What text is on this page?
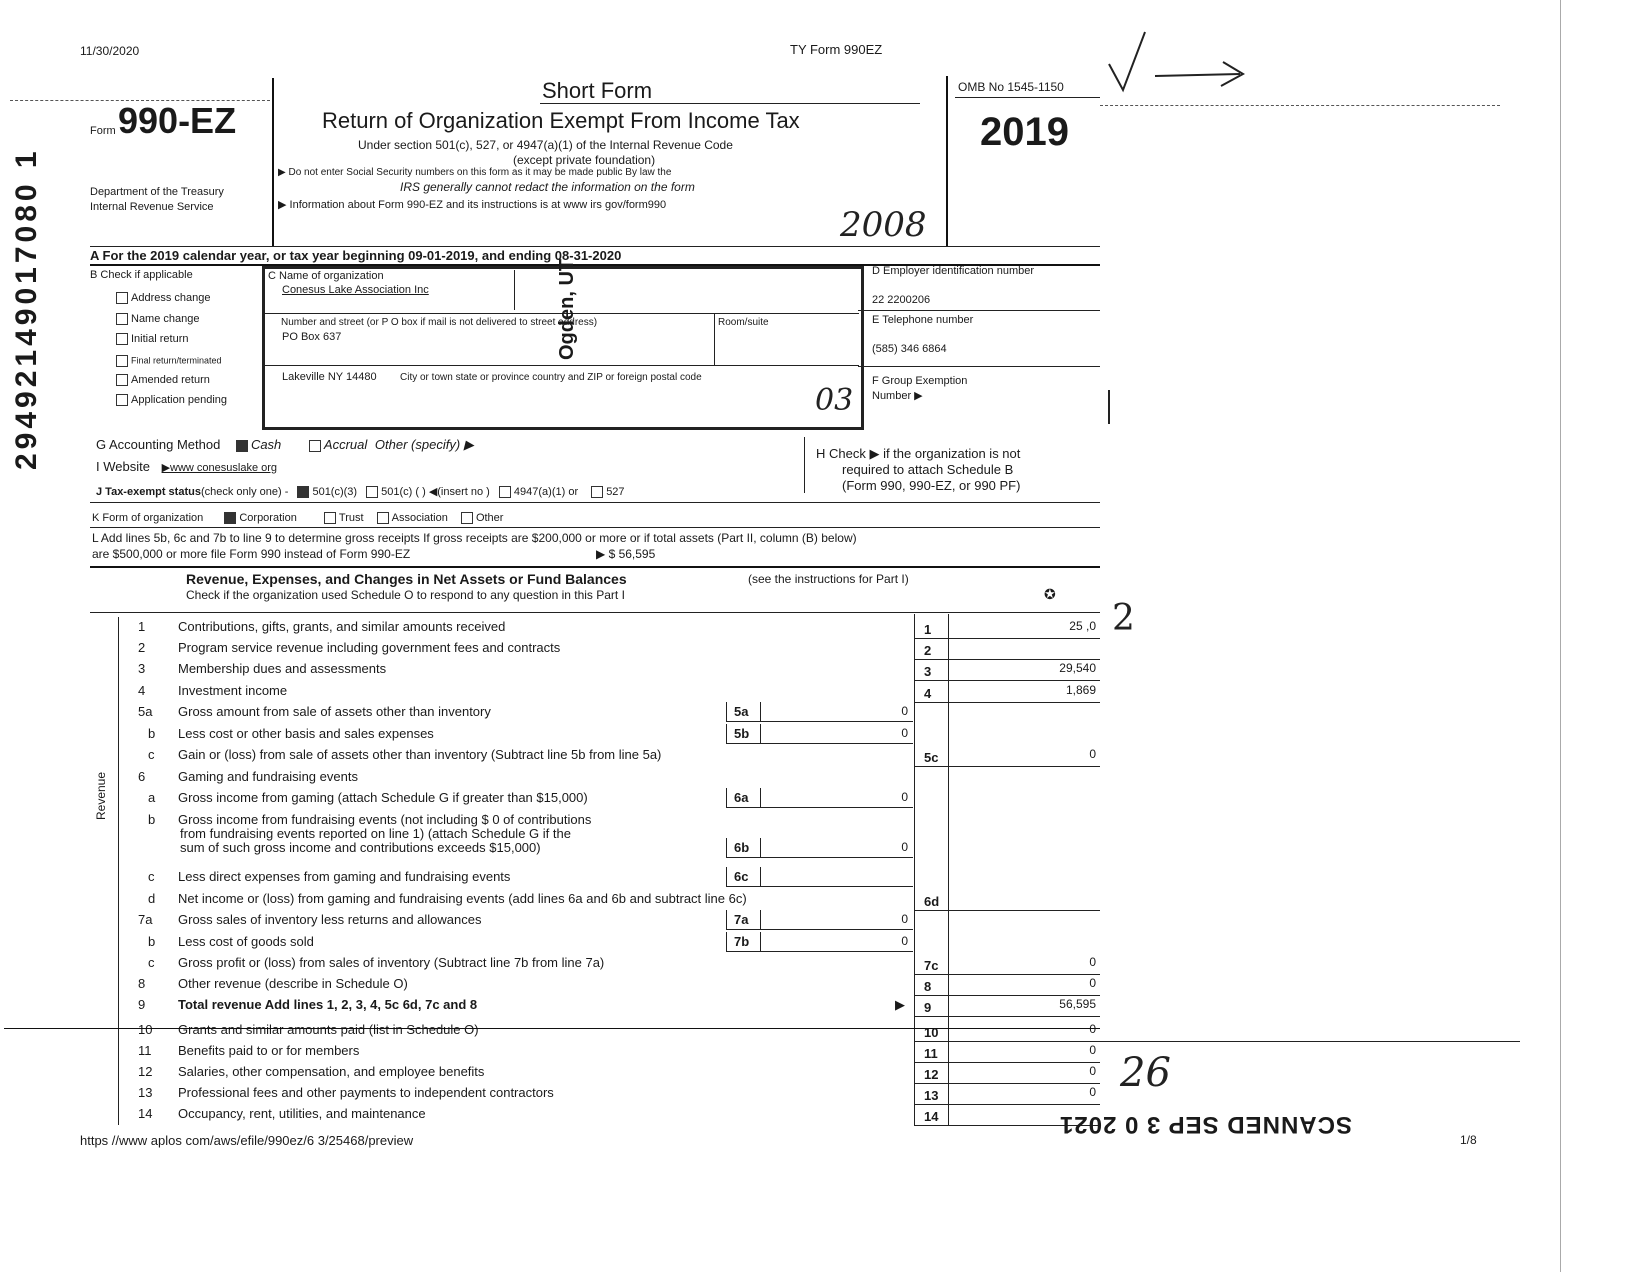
11/30/2020	TY Form 990EZ
29492149017080 1
Form 990-EZ
Department of the Treasury
Internal Revenue Service
Short Form
Return of Organization Exempt From Income Tax
Under section 501(c), 527, or 4947(a)(1) of the Internal Revenue Code
(except private foundation)
▶ Do not enter Social Security numbers on this form as it may be made public By law the
IRS generally cannot redact the information on the form
▶ Information about Form 990-EZ and its instructions is at www irs gov/form990	2008
OMB No 1545-1150
2019
A For the 2019 calendar year, or tax year beginning 09-01-2019, and ending 08-31-2020
B Check if applicable
Address change
Name change
Initial return
Final return/terminated
Amended return
Application pending
C Name of organization
Conesus Lake Association Inc
Number and street (or P O box if mail is not delivered to street address)	Room/suite
PO Box 637
Lakeville NY 14480 City or town state or province country and ZIP or foreign postal code
Ogden, UT
03
D Employer identification number
22 2200206
E Telephone number
(585) 346 6864
F Group Exemption
Number ▶
G Accounting Method Cash	Accrual Other (specify) ▶
I Website ▶www conesuslake org
J Tax-exempt status(check only one) - 501(c)(3) 501(c) ( ) ◀(insert no ) 4947(a)(1) or	527
H Check ▶ if the organization is not
required to attach Schedule B
(Form 990, 990-EZ, or 990 PF)
K Form of organization	Corporation	Trust	Association	Other
L Add lines 5b, 6c and 7b to line 9 to determine gross receipts If gross receipts are $200,000 or more or if total assets (Part II, column (B) below)
are $500,000 or more file Form 990 instead of Form 990-EZ	▶ $ 56,595
Revenue, Expenses, and Changes in Net Assets or Fund Balances	(see the instructions for Part I)
Check if the organization used Schedule O to respond to any question in this Part I	✪
2
Revenue
1	Contributions, gifts, grants, and similar amounts received	1	25 ,0
2	Program service revenue including government fees and contracts	2
3	Membership dues and assessments	3	29,540
4	Investment income	4	1,869
5a Gross amount from sale of assets other than inventory	5a	0
b Less cost or other basis and sales expenses	5b	0
c Gain or (loss) from sale of assets other than inventory (Subtract line 5b from line 5a)	5c	0
6	Gaming and fundraising events
a Gross income from gaming (attach Schedule G if greater than $15,000)	6a	0
b Gross income from fundraising events (not including $ 0 of contributions
from fundraising events reported on line 1) (attach Schedule G if the
sum of such gross income and contributions exceeds $15,000)	6b	0
c Less direct expenses from gaming and fundraising events	6c
d Net income or (loss) from gaming and fundraising events (add lines 6a and 6b and subtract line 6c)	6d
7a Gross sales of inventory less returns and allowances	7a	0
b Less cost of goods sold	7b	0
c Gross profit or (loss) from sales of inventory (Subtract line 7b from line 7a)	7c	0
8	Other revenue (describe in Schedule O)	8	0
9	Total revenue Add lines 1, 2, 3, 4, 5c 6d, 7c and 8	9	56,595
▶
10 Grants and similar amounts paid (list in Schedule O)	10	0
11 Benefits paid to or for members	11	0
12 Salaries, other compensation, and employee benefits	12	0
13 Professional fees and other payments to independent contractors	13	0
14 Occupancy, rent, utilities, and maintenance	14
26
SCANNED SEP 3 0 2021
https //www aplos com/aws/efile/990ez/6 3/25468/preview	1/8
